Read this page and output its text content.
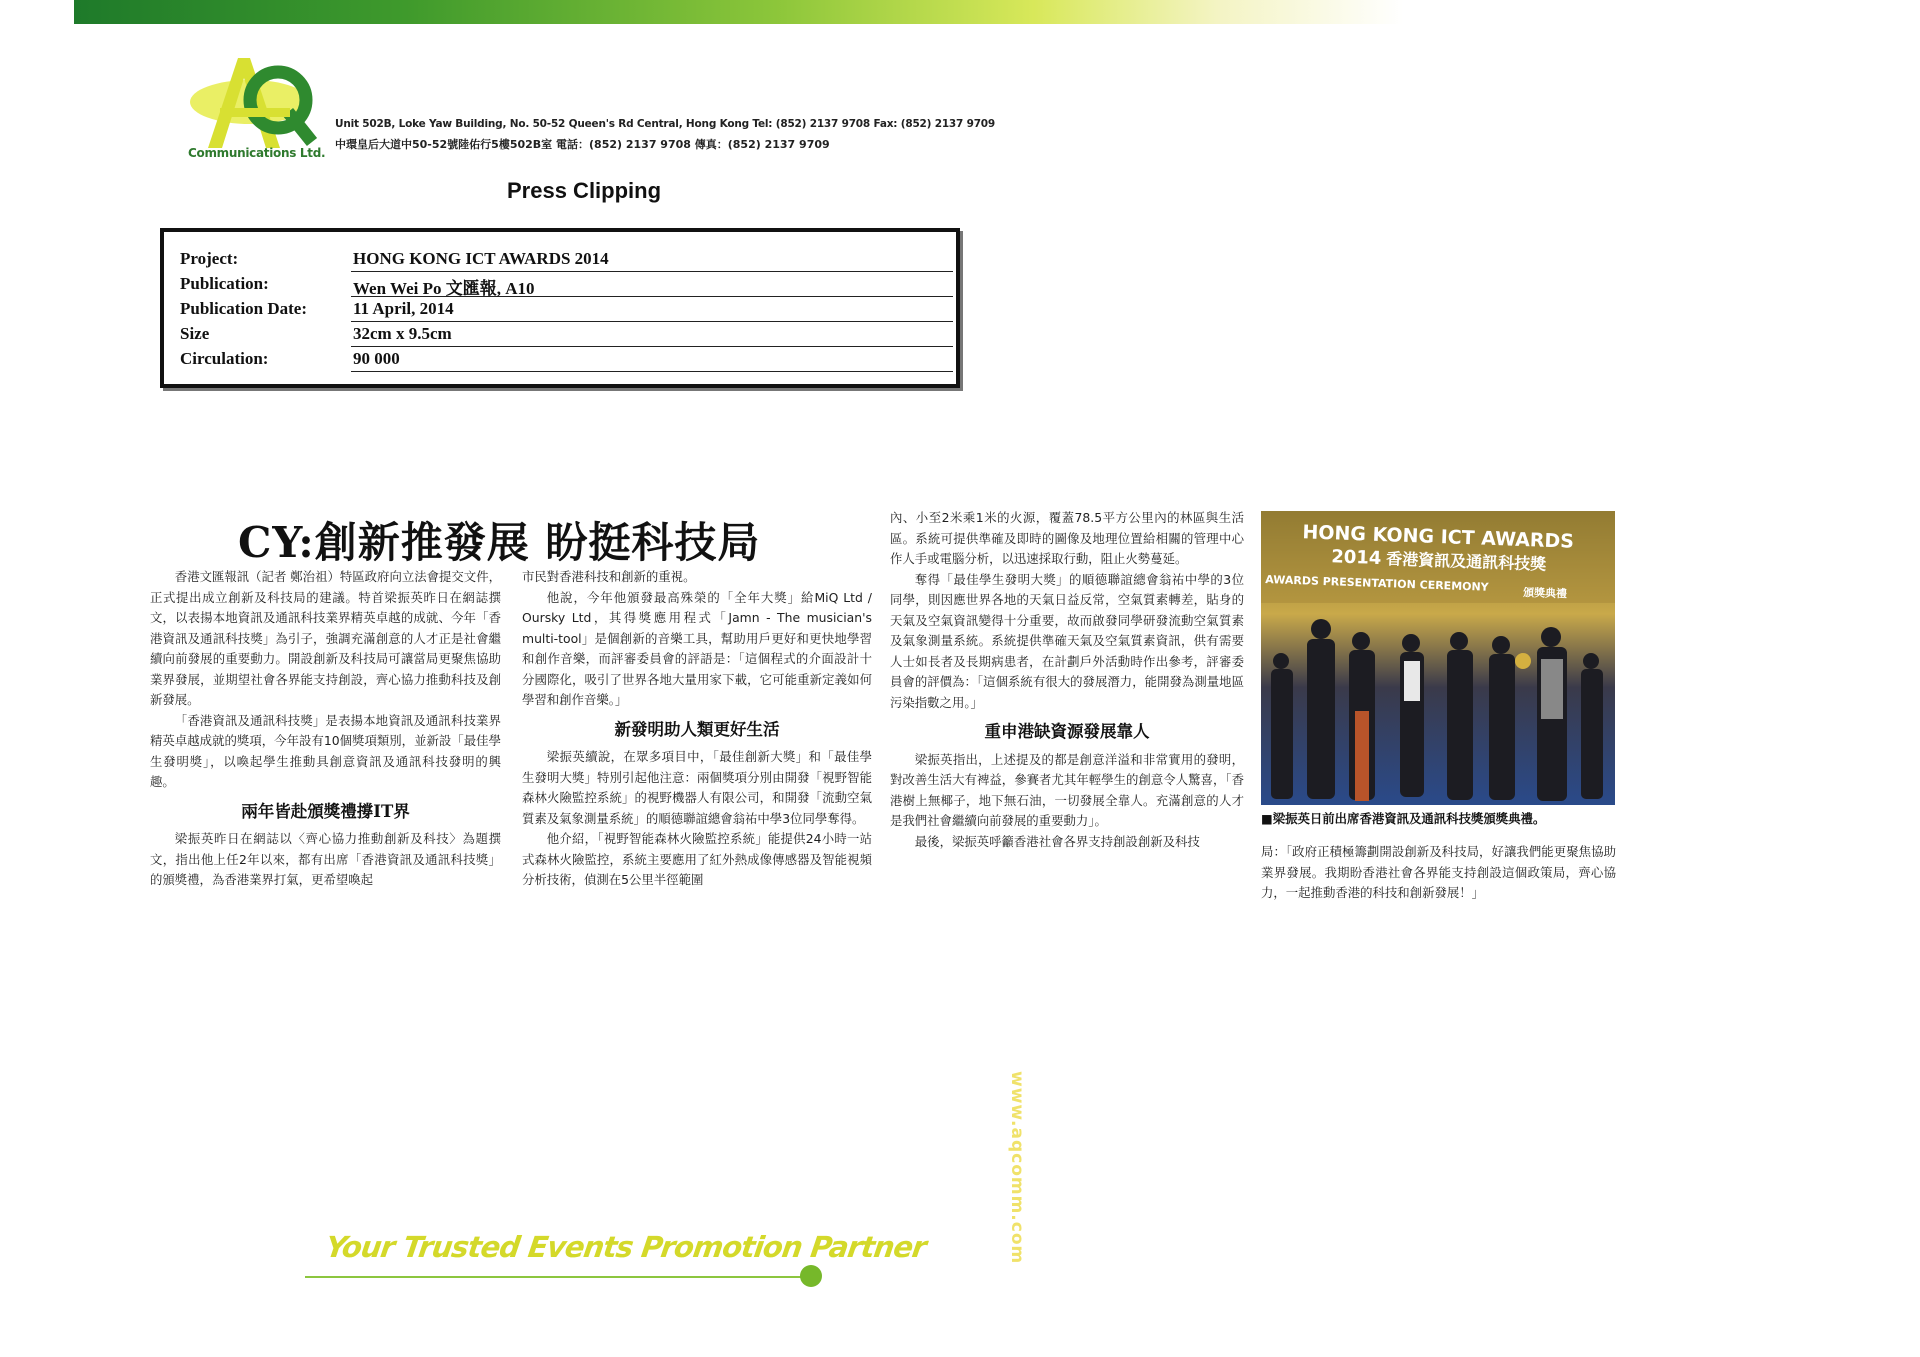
Communications Ltd.
Unit 502B, Loke Yaw Building, No. 50-52 Queen's Rd Central, Hong Kong Tel: (852) 2137 9708 Fax: (852) 2137 9709
中環皇后大道中50-52號陸佑行5樓502B室 電話：(852) 2137 9708 傳真：(852) 2137 9709
Press Clipping
Project:	HONG KONG ICT AWARDS 2014
Publication:	Wen Wei Po 文匯報, A10
Publication Date:	11 April, 2014
Size	32cm x 9.5cm
Circulation:	90 000
CY:創新推發展 盼挺科技局

香港文匯報訊（記者 鄭治祖）特區政府向立法會提交文件，正式提出成立創新及科技局的建議。特首梁振英昨日在網誌撰文，以表揚本地資訊及通訊科技業界精英卓越的成就、今年「香港資訊及通訊科技獎」為引子，強調充滿創意的人才正是社會繼續向前發展的重要動力。開設創新及科技局可讓當局更聚焦協助業界發展，並期望社會各界能支持創設，齊心協力推動科技及創新發展。

「香港資訊及通訊科技獎」是表揚本地資訊及通訊科技業界精英卓越成就的獎項，今年設有10個獎項類別，並新設「最佳學生發明獎」，以喚起學生推動具創意資訊及通訊科技發明的興趣。

兩年皆赴頒獎禮撐IT界

梁振英昨日在網誌以〈齊心協力推動創新及科技〉為題撰文，指出他上任2年以來，都有出席「香港資訊及通訊科技獎」的頒獎禮，為香港業界打氣，更希望喚起

市民對香港科技和創新的重視。

他說，今年他頒發最高殊榮的「全年大獎」給MiQ Ltd / Oursky Ltd，其得獎應用程式「Jamn - The musician's multi-tool」是個創新的音樂工具，幫助用戶更好和更快地學習和創作音樂，而評審委員會的評語是：「這個程式的介面設計十分國際化，吸引了世界各地大量用家下載，它可能重新定義如何學習和創作音樂。」

新發明助人類更好生活

梁振英續說，在眾多項目中，「最佳創新大獎」和「最佳學生發明大獎」特別引起他注意：兩個獎項分別由開發「視野智能森林火險監控系統」的視野機器人有限公司，和開發「流動空氣質素及氣象測量系統」的順德聯誼總會翁祐中學3位同學奪得。

他介紹，「視野智能森林火險監控系統」能提供24小時一站式森林火險監控，系統主要應用了紅外熱成像傳感器及智能視頻分析技術，偵測在5公里半徑範圍

內、小至2米乘1米的火源，覆蓋78.5平方公里內的林區與生活區。系統可提供準確及即時的圖像及地理位置給相關的管理中心作人手或電腦分析，以迅速採取行動，阻止火勢蔓延。

奪得「最佳學生發明大獎」的順德聯誼總會翁祐中學的3位同學，則因應世界各地的天氣日益反常，空氣質素轉差，貼身的天氣及空氣資訊變得十分重要，故而啟發同學研發流動空氣質素及氣象測量系統。系統提供準確天氣及空氣質素資訊，供有需要人士如長者及長期病患者，在計劃戶外活動時作出參考，評審委員會的評價為：「這個系統有很大的發展潛力，能開發為測量地區污染指數之用。」

重申港缺資源發展靠人

梁振英指出，上述提及的都是創意洋溢和非常實用的發明，對改善生活大有裨益，參賽者尤其年輕學生的創意令人驚喜，「香港樹上無椰子，地下無石油，一切發展全靠人。充滿創意的人才是我們社會繼續向前發展的重要動力」。

最後，梁振英呼籲香港社會各界支持創設創新及科技

HONG KONG ICT AWARDS
2014 香港資訊及通訊科技獎
AWARDS PRESENTATION CEREMONY	頒獎典禮
■梁振英日前出席香港資訊及通訊科技獎頒獎典禮。

局：「政府正積極籌劃開設創新及科技局，好讓我們能更聚焦協助業界發展。我期盼香港社會各界能支持創設這個政策局，齊心協力，一起推動香港的科技和創新發展！」

Your Trusted Events Promotion Partner	www.aqcomm.com
